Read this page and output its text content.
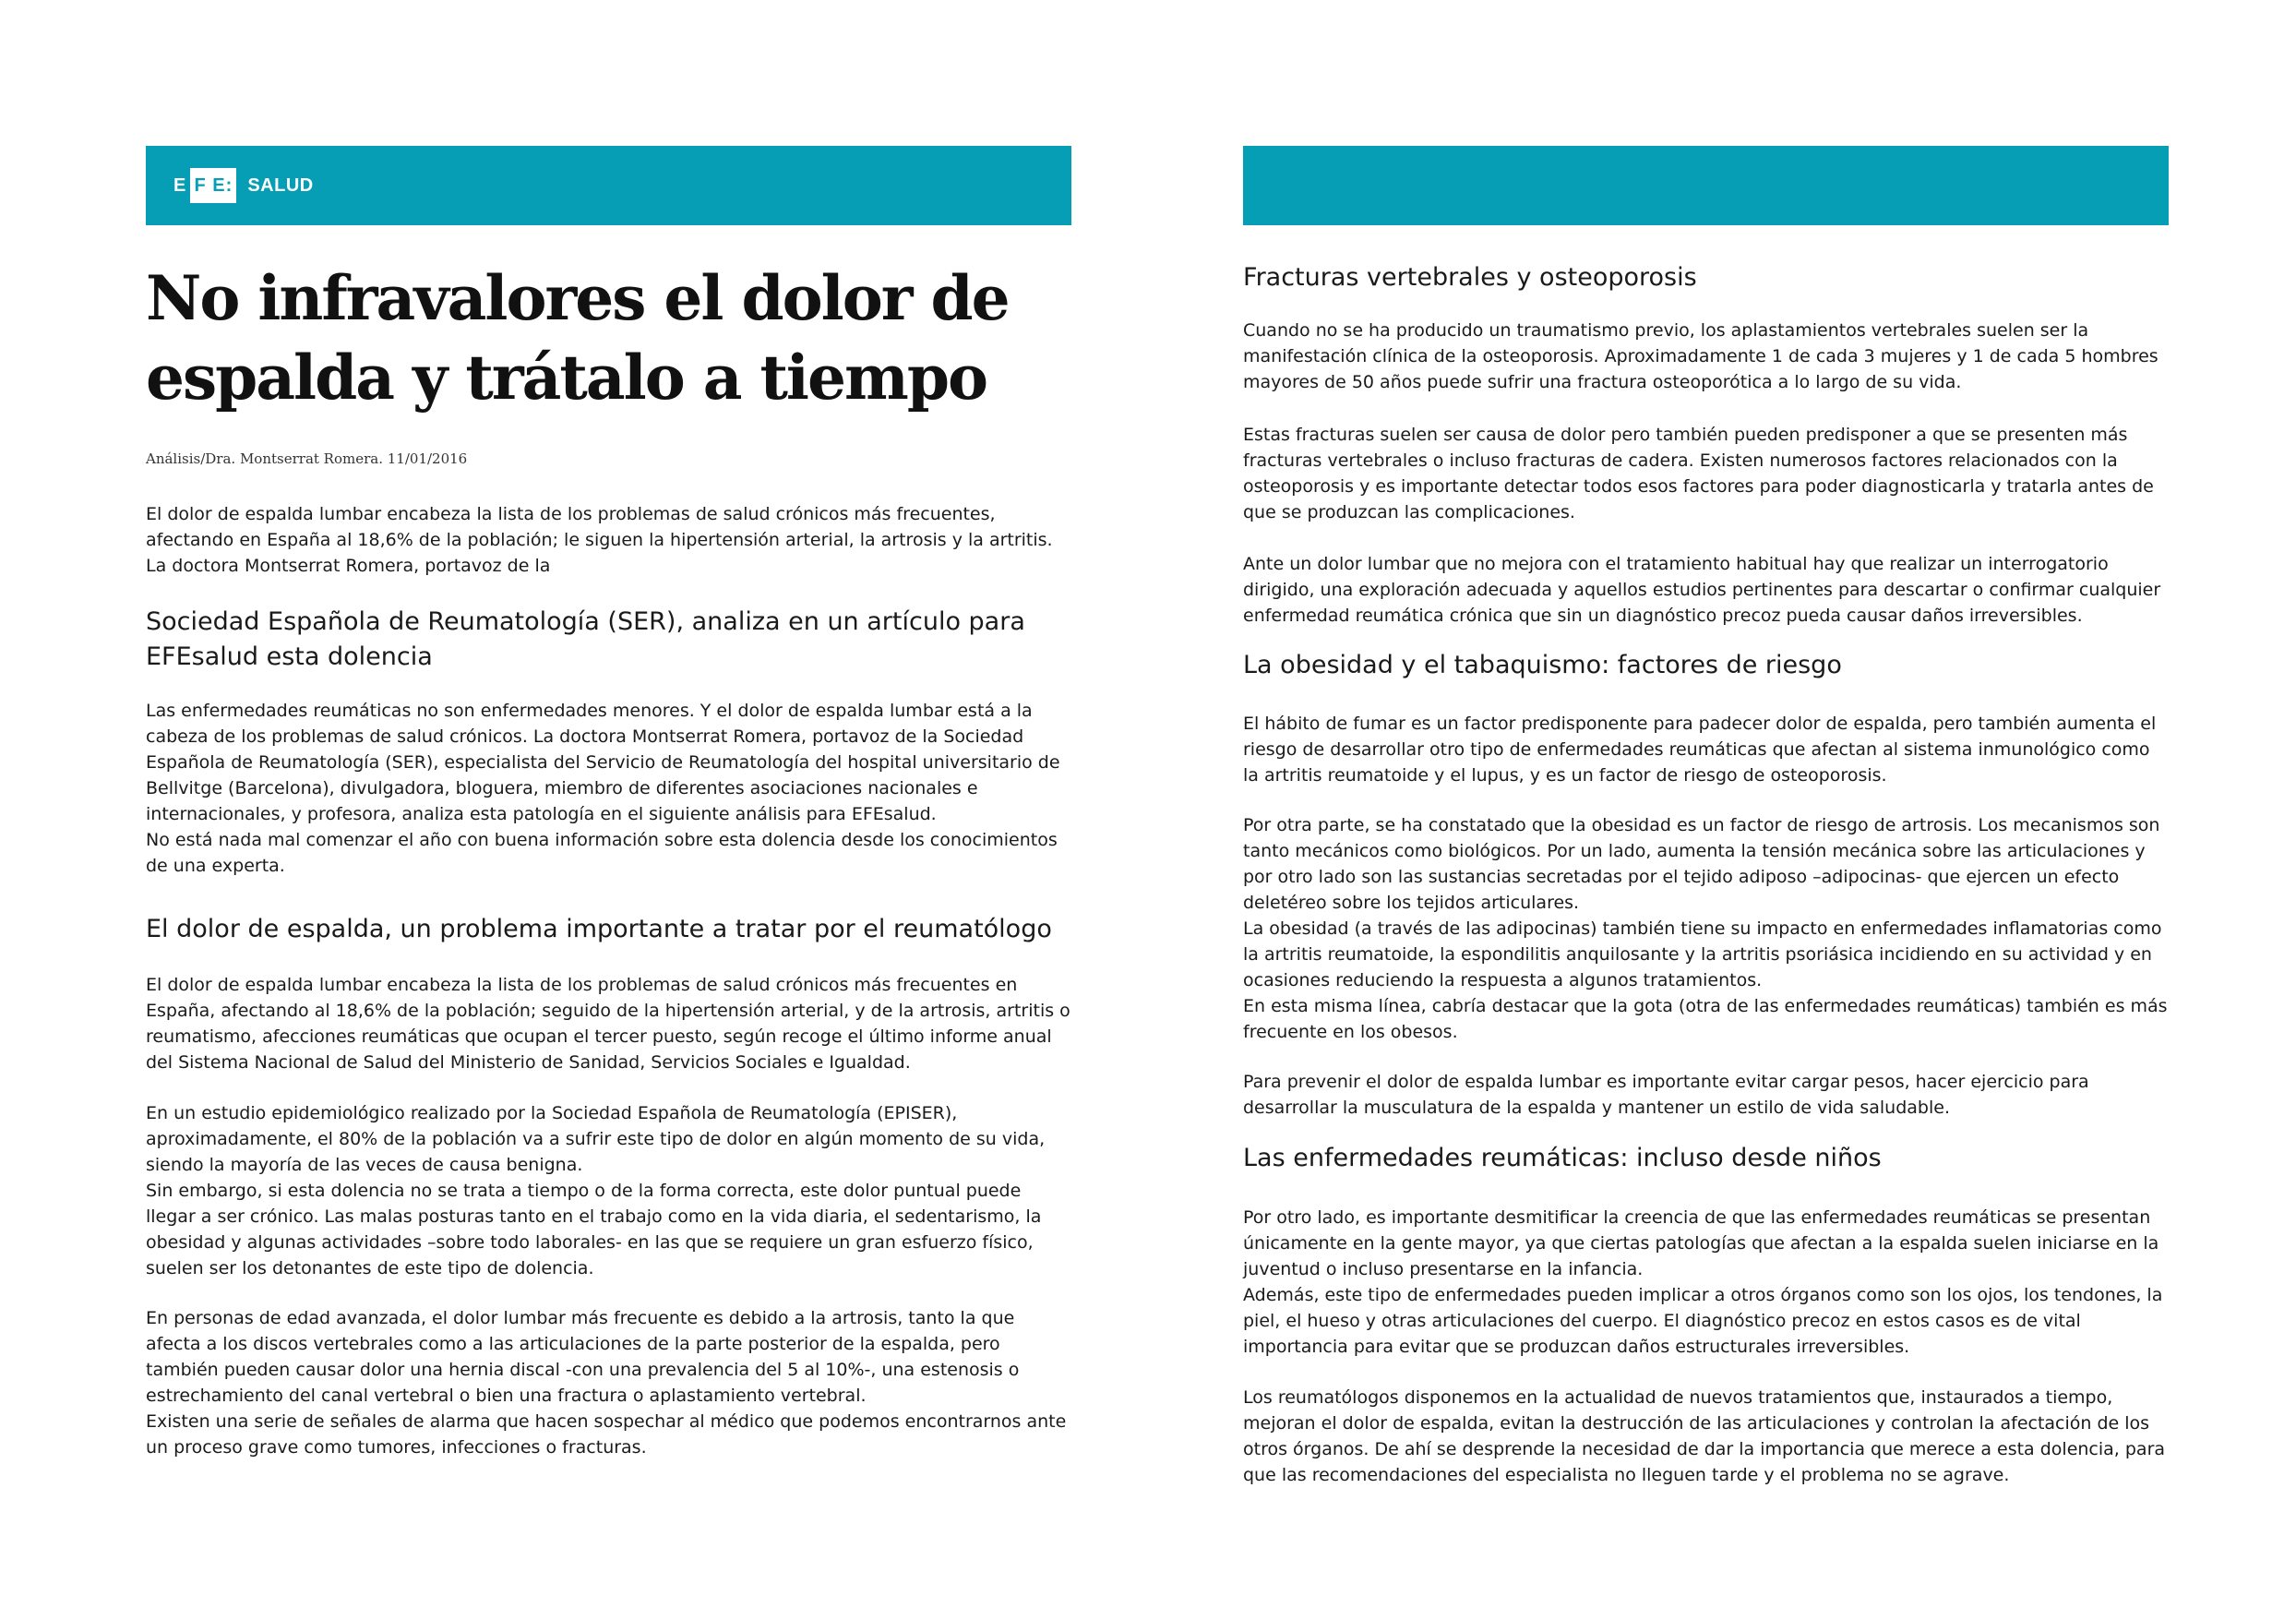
E F E: SALUD
No infravalores el dolor de espalda y trátalo a tiempo

Análisis/Dra. Montserrat Romera. 11/01/2016

El dolor de espalda lumbar encabeza la lista de los problemas de salud crónicos más frecuentes, afectando en España al 18,6% de la población; le siguen la hipertensión arterial, la artrosis y la artritis. La doctora Montserrat Romera, portavoz de la

Sociedad Española de Reumatología (SER), analiza en un artículo para EFEsalud esta dolencia

Las enfermedades reumáticas no son enfermedades menores. Y el dolor de espalda lumbar está a la cabeza de los problemas de salud crónicos. La doctora Montserrat Romera, portavoz de la Sociedad Española de Reumatología (SER), especialista del Servicio de Reumatología del hospital universitario de Bellvitge (Barcelona), divulgadora, bloguera, miembro de diferentes asociaciones nacionales e internacionales, y profesora, analiza esta patología en el siguiente análisis para EFEsalud.

No está nada mal comenzar el año con buena información sobre esta dolencia desde los conocimientos de una experta.

El dolor de espalda, un problema importante a tratar por el reumatólogo

El dolor de espalda lumbar encabeza la lista de los problemas de salud crónicos más frecuentes en España, afectando al 18,6% de la población; seguido de la hipertensión arterial, y de la artrosis, artritis o reumatismo, afecciones reumáticas que ocupan el tercer puesto, según recoge el último informe anual del Sistema Nacional de Salud del Ministerio de Sanidad, Servicios Sociales e Igualdad.

En un estudio epidemiológico realizado por la Sociedad Española de Reumatología (EPISER), aproximadamente, el 80% de la población va a sufrir este tipo de dolor en algún momento de su vida, siendo la mayoría de las veces de causa benigna.

Sin embargo, si esta dolencia no se trata a tiempo o de la forma correcta, este dolor puntual puede llegar a ser crónico. Las malas posturas tanto en el trabajo como en la vida diaria, el sedentarismo, la obesidad y algunas actividades –sobre todo laborales- en las que se requiere un gran esfuerzo físico, suelen ser los detonantes de este tipo de dolencia.

En personas de edad avanzada, el dolor lumbar más frecuente es debido a la artrosis, tanto la que afecta a los discos vertebrales como a las articulaciones de la parte posterior de la espalda, pero también pueden causar dolor una hernia discal -con una prevalencia del 5 al 10%-, una estenosis o estrechamiento del canal vertebral o bien una fractura o aplastamiento vertebral.

Existen una serie de señales de alarma que hacen sospechar al médico que podemos encontrarnos ante un proceso grave como tumores, infecciones o fracturas.

Fracturas vertebrales y osteoporosis

Cuando no se ha producido un traumatismo previo, los aplastamientos vertebrales suelen ser la manifestación clínica de la osteoporosis. Aproximadamente 1 de cada 3 mujeres y 1 de cada 5 hombres mayores de 50 años puede sufrir una fractura osteoporótica a lo largo de su vida.

Estas fracturas suelen ser causa de dolor pero también pueden predisponer a que se presenten más fracturas vertebrales o incluso fracturas de cadera. Existen numerosos factores relacionados con la osteoporosis y es importante detectar todos esos factores para poder diagnosticarla y tratarla antes de que se produzcan las complicaciones.

Ante un dolor lumbar que no mejora con el tratamiento habitual hay que realizar un interrogatorio dirigido, una exploración adecuada y aquellos estudios pertinentes para descartar o confirmar cualquier enfermedad reumática crónica que sin un diagnóstico precoz pueda causar daños irreversibles.

La obesidad y el tabaquismo: factores de riesgo

El hábito de fumar es un factor predisponente para padecer dolor de espalda, pero también aumenta el riesgo de desarrollar otro tipo de enfermedades reumáticas que afectan al sistema inmunológico como la artritis reumatoide y el lupus, y es un factor de riesgo de osteoporosis.

Por otra parte, se ha constatado que la obesidad es un factor de riesgo de artrosis. Los mecanismos son tanto mecánicos como biológicos. Por un lado, aumenta la tensión mecánica sobre las articulaciones y por otro lado son las sustancias secretadas por el tejido adiposo –adipocinas- que ejercen un efecto deletéreo sobre los tejidos articulares.

La obesidad (a través de las adipocinas) también tiene su impacto en enfermedades inflamatorias como la artritis reumatoide, la espondilitis anquilosante y la artritis psoriásica incidiendo en su actividad y en ocasiones reduciendo la respuesta a algunos tratamientos.

En esta misma línea, cabría destacar que la gota (otra de las enfermedades reumáticas) también es más frecuente en los obesos.

Para prevenir el dolor de espalda lumbar es importante evitar cargar pesos, hacer ejercicio para desarrollar la musculatura de la espalda y mantener un estilo de vida saludable.

Las enfermedades reumáticas: incluso desde niños

Por otro lado, es importante desmitificar la creencia de que las enfermedades reumáticas se presentan únicamente en la gente mayor, ya que ciertas patologías que afectan a la espalda suelen iniciarse en la juventud o incluso presentarse en la infancia.

Además, este tipo de enfermedades pueden implicar a otros órganos como son los ojos, los tendones, la piel, el hueso y otras articulaciones del cuerpo. El diagnóstico precoz en estos casos es de vital importancia para evitar que se produzcan daños estructurales irreversibles.

Los reumatólogos disponemos en la actualidad de nuevos tratamientos que, instaurados a tiempo, mejoran el dolor de espalda, evitan la destrucción de las articulaciones y controlan la afectación de los otros órganos. De ahí se desprende la necesidad de dar la importancia que merece a esta dolencia, para que las recomendaciones del especialista no lleguen tarde y el problema no se agrave.
